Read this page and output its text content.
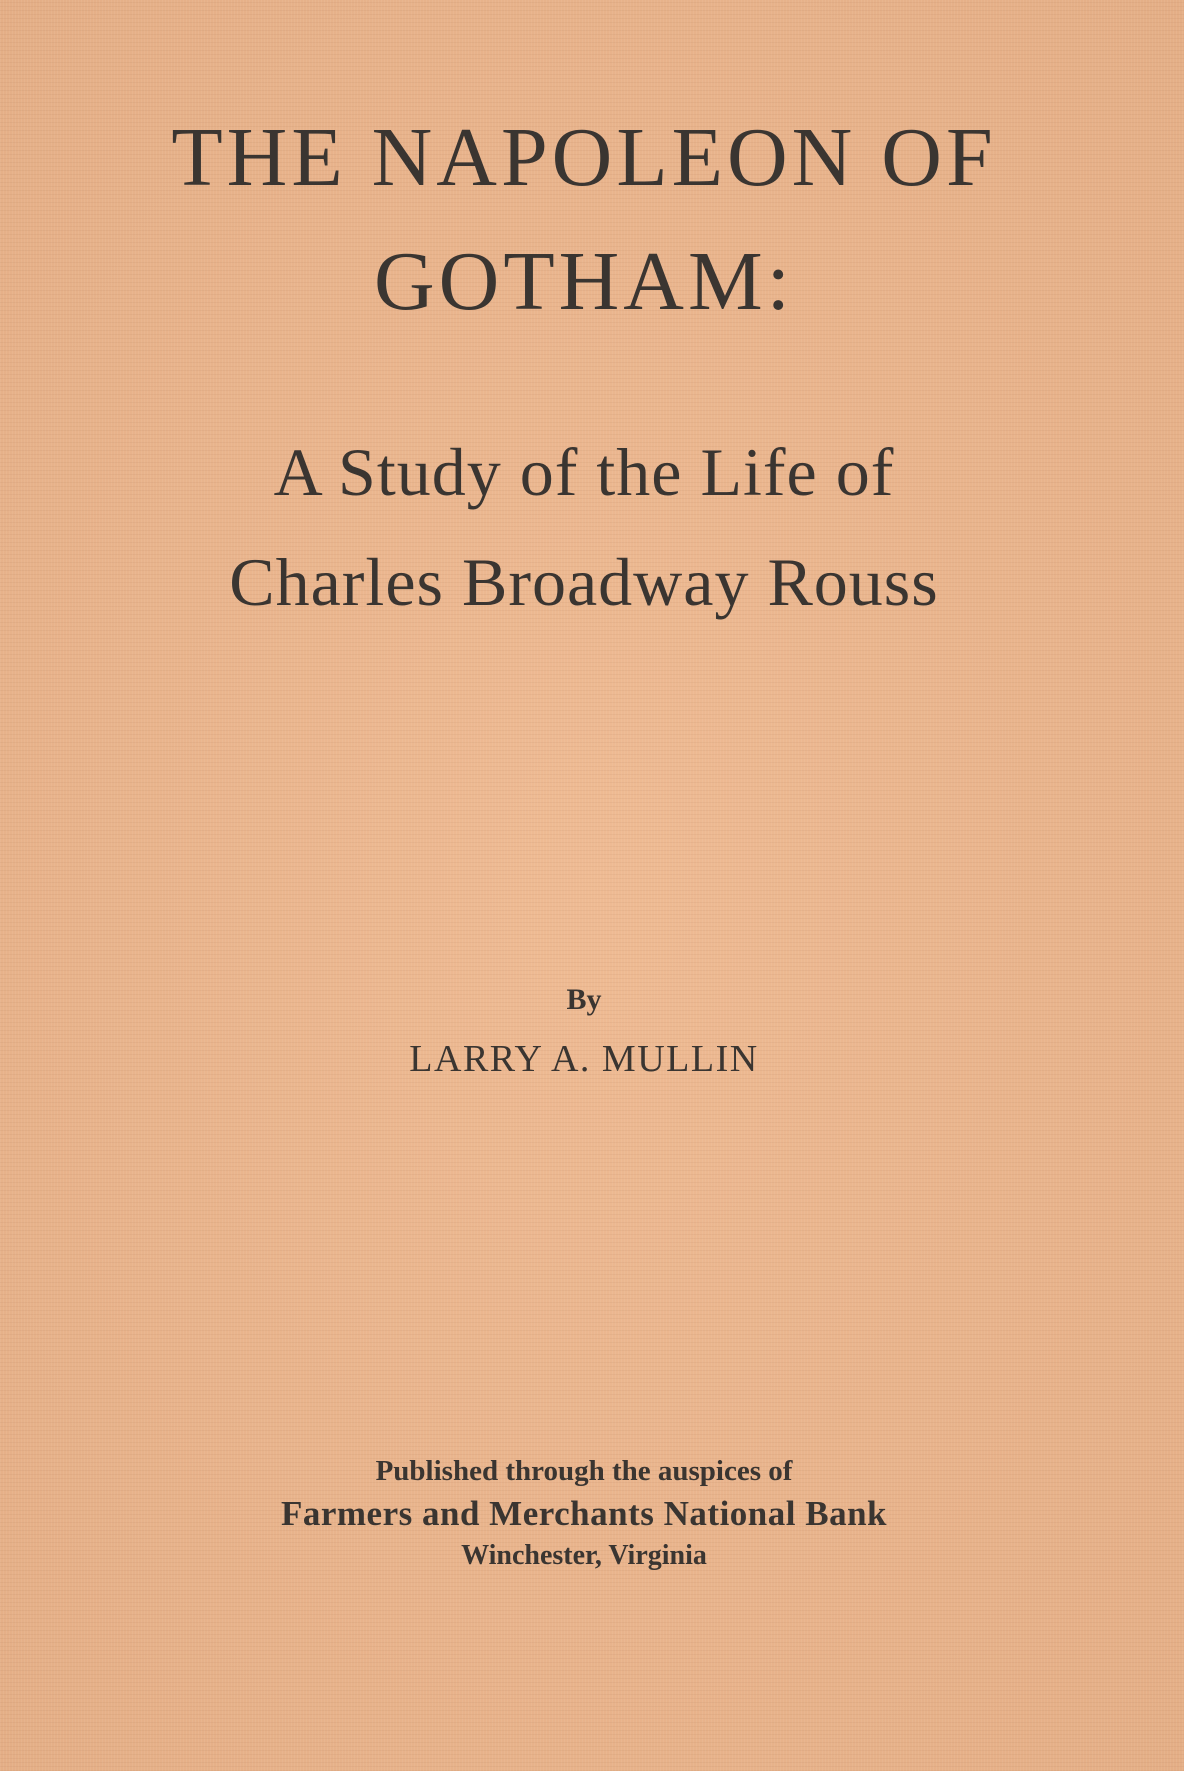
THE NAPOLEON OF
GOTHAM:
A Study of the Life of
Charles Broadway Rouss
By
LARRY A. MULLIN
Published through the auspices of
Farmers and Merchants National Bank
Winchester, Virginia
